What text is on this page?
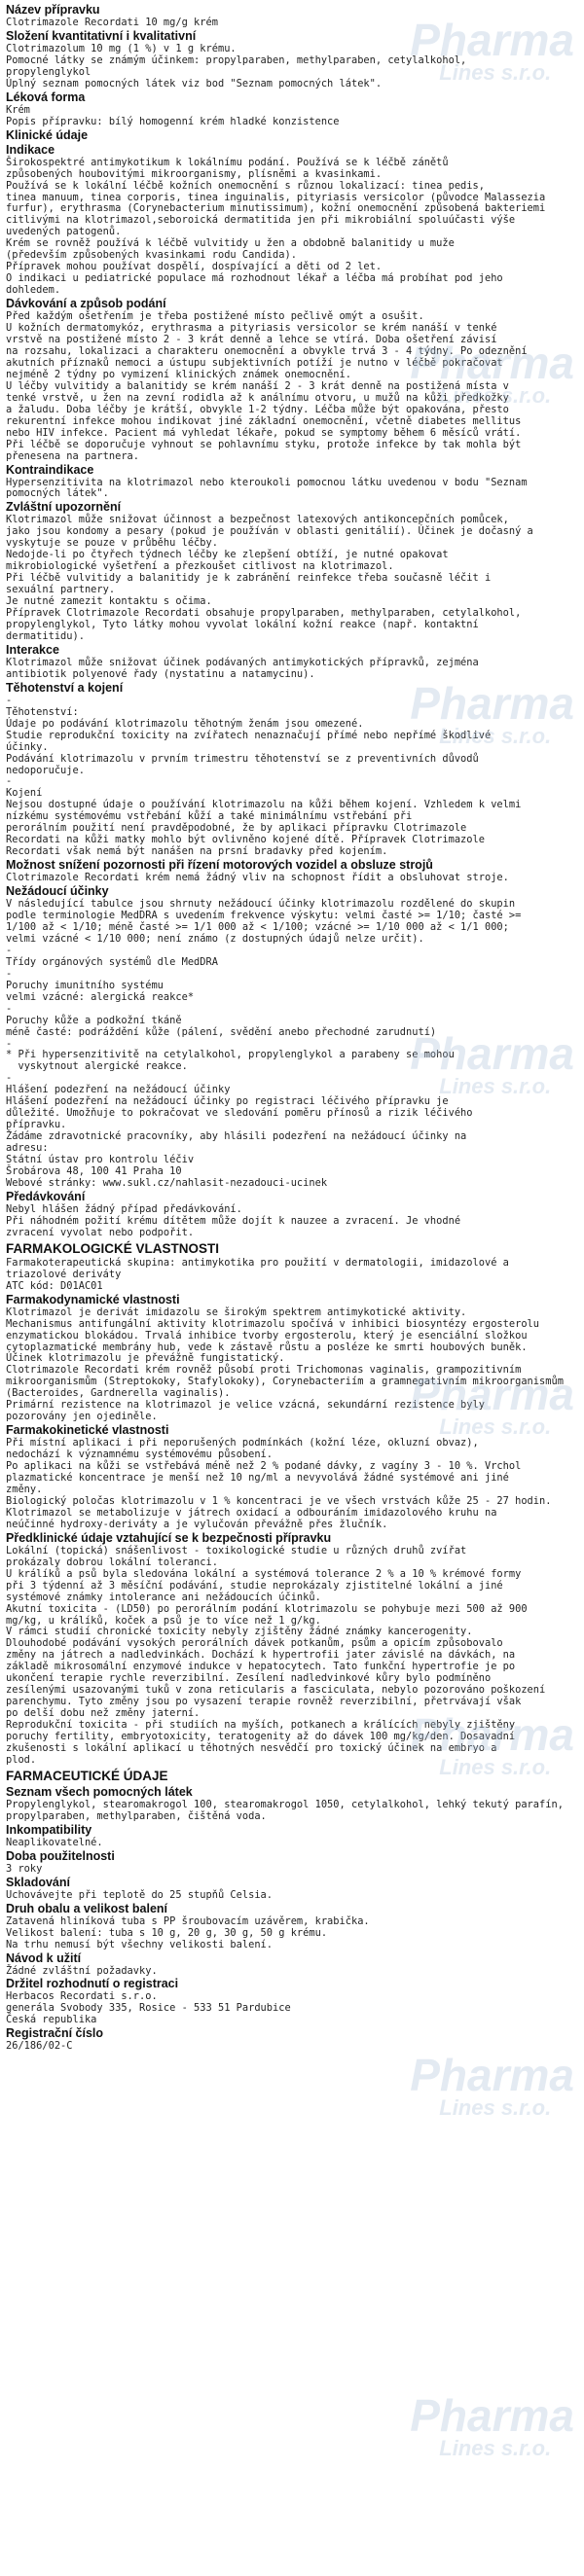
Název přípravku
Clotrimazole Recordati 10 mg/g krém
Složení kvantitativní i kvalitativní
Clotrimazolum 10 mg (1 %) v 1 g krému.
Pomocné látky se známým účinkem: propylparaben, methylparaben, cetylalkohol,
propylenglykol
Úplný seznam pomocných látek viz bod "Seznam pomocných látek".
Léková forma
Krém
Popis přípravku: bílý homogenní krém hladké konzistence
Klinické údaje
Indikace
Širokospektré antimykotikum k lokálnímu podání. Používá se k léčbě zánětů
způsobených houbovitými mikroorganismy, plísněmi a kvasinkami.
Používá se k lokální léčbě kožních onemocnění s různou lokalizací: tinea pedis,
tinea manuum, tinea corporis, tinea inguinalis, pityriasis versicolor (původce Malassezia
furfur), erythrasma (Corynebacterium minutissimum), kožní onemocnění způsobená bakteriemi
citlivými na klotrimazol,seboroická dermatitida jen při mikrobiální spoluúčasti výše
uvedených patogenů.
Krém se rovněž používá k léčbě vulvitidy u žen a obdobně balanitidy u muže
(především způsobených kvasinkami rodu Candida).
Přípravek mohou používat dospělí, dospívající a děti od 2 let.
O indikaci u pediatrické populace má rozhodnout lékař a léčba má probíhat pod jeho
dohledem.
Dávkování a způsob podání
Před každým ošetřením je třeba postižené místo pečlivě omýt a osušit.
U kožních dermatomykóz, erythrasma a pityriasis versicolor se krém nanáší v tenké
vrstvě na postižené místo 2 - 3 krát denně a lehce se vtírá. Doba ošetření závisí
na rozsahu, lokalizaci a charakteru onemocnění a obvykle trvá 3 - 4 týdny. Po odeznění
akutních příznaků nemoci a ústupu subjektivních potíží je nutno v léčbě pokračovat
nejméně 2 týdny po vymizení klinických známek onemocnění.
U léčby vulvitidy a balanitidy se krém nanáší 2 - 3 krát denně na postižená místa v
tenké vrstvě, u žen na zevní rodidla až k análnímu otvoru, u mužů na kůži předkožky
a žaludu. Doba léčby je krátší, obvykle 1-2 týdny. Léčba může být opakována, přesto
rekurentní infekce mohou indikovat jiné základní onemocnění, včetně diabetes mellitus
nebo HIV infekce. Pacient má vyhledat lékaře, pokud se symptomy během 6 měsíců vrátí.
Při léčbě se doporučuje vyhnout se pohlavnímu styku, protože infekce by tak mohla být
přenesena na partnera.
Kontraindikace
Hypersenzitivita na klotrimazol nebo kteroukoli pomocnou látku uvedenou v bodu "Seznam
pomocných látek".
Zvláštní upozornění
Klotrimazol může snižovat účinnost a bezpečnost latexových antikoncepčních pomůcek,
jako jsou kondomy a pesary (pokud je používán v oblasti genitálií). Účinek je dočasný a
vyskytuje se pouze v průběhu léčby.
Nedojde-li po čtyřech týdnech léčby ke zlepšení obtíží, je nutné opakovat
mikrobiologické vyšetření a přezkoušet citlivost na klotrimazol.
Při léčbě vulvitidy a balanitidy je k zabránění reinfekce třeba současně léčit i
sexuální partnery.
Je nutné zamezit kontaktu s očima.
Přípravek Clotrimazole Recordati obsahuje propylparaben, methylparaben, cetylalkohol,
propylenglykol, Tyto látky mohou vyvolat lokální kožní reakce (např. kontaktní
dermatitidu).
Interakce
Klotrimazol může snižovat účinek podávaných antimykotických přípravků, zejména
antibiotik polyenové řady (nystatinu a natamycinu).
Těhotenství a kojení
-
Těhotenství:
Údaje po podávání klotrimazolu těhotným ženám jsou omezené.
Studie reprodukční toxicity na zvířatech nenaznačují přímé nebo nepřímé škodlivé
účinky.
Podávání klotrimazolu v prvním trimestru těhotenství se z preventivních důvodů
nedoporučuje.
-
Kojení
Nejsou dostupné údaje o používání klotrimazolu na kůži během kojení. Vzhledem k velmi
nízkému systémovému vstřebání kůží a také minimálnímu vstřebání při
perorálním použití není pravděpodobné, že by aplikaci přípravku Clotrimazole
Recordati na kůži matky mohlo být ovlivněno kojené dítě. Přípravek Clotrimazole
Recordati však nemá být nanášen na prsní bradavky před kojením.
Možnost snížení pozornosti při řízení motorových vozidel a obsluze strojů
Clotrimazole Recordati krém nemá žádný vliv na schopnost řídit a obsluhovat stroje.
Nežádoucí účinky
V následující tabulce jsou shrnuty nežádoucí účinky klotrimazolu rozdělené do skupin
podle terminologie MedDRA s uvedením frekvence výskytu: velmi časté >= 1/10; časté >=
1/100 až < 1/10; méně časté >= 1/1 000 až < 1/100; vzácné >= 1/10 000 až < 1/1 000;
velmi vzácné < 1/10 000; není známo (z dostupných údajů nelze určit).
-
Třídy orgánových systémů dle MedDRA
-
Poruchy imunitního systému
velmi vzácné: alergická reakce*
-
Poruchy kůže a podkožní tkáně
méně časté: podráždění kůže (pálení, svědění anebo přechodné zarudnutí)
-
* Při hypersenzitivitě na cetylalkohol, propylenglykol a parabeny se mohou
vyskytnout alergické reakce.
-
Hlášení podezření na nežádoucí účinky
Hlášení podezření na nežádoucí účinky po registraci léčivého přípravku je
důležité. Umožňuje to pokračovat ve sledování poměru přínosů a rizik léčivého
přípravku.
Žádáme zdravotnické pracovníky, aby hlásili podezření na nežádoucí účinky na
adresu:
Státní ústav pro kontrolu léčiv
Šrobárova 48, 100 41 Praha 10
Webové stránky: www.sukl.cz/nahlasit-nezadouci-ucinek
Předávkování
Nebyl hlášen žádný případ předávkování.
Při náhodném požití krému dítětem může dojít k nauzee a zvracení. Je vhodné
zvracení vyvolat nebo podpořit.
FARMAKOLOGICKÉ VLASTNOSTI
Farmakoterapeutická skupina: antimykotika pro použití v dermatologii, imidazolové a
triazolové deriváty
ATC kód: D01AC01
Farmakodynamické vlastnosti
Klotrimazol je derivát imidazolu se širokým spektrem antimykotické aktivity.
Mechanismus antifungální aktivity klotrimazolu spočívá v inhibici biosyntézy ergosterolu
enzymatickou blokádou. Trvalá inhibice tvorby ergosterolu, který je esenciální složkou
cytoplazmatické membrány hub, vede k zástavě růstu a posléze ke smrti houbových buněk.
Účinek klotrimazolu je převážně fungistatický.
Clotrimazole Recordati krém rovněž působí proti Trichomonas vaginalis, grampozitivním
mikroorganismům (Streptokoky, Stafylokoky), Corynebacteriím a gramnegativním mikroorganismům
(Bacteroides, Gardnerella vaginalis).
Primární rezistence na klotrimazol je velice vzácná, sekundární rezistence byly
pozorovány jen ojediněle.
Farmakokinetické vlastnosti
Při místní aplikaci i při neporušených podmínkách (kožní léze, okluzní obvaz),
nedochází k významnému systémovému působení.
Po aplikaci na kůži se vstřebává méně než 2 % podané dávky, z vagíny 3 - 10 %. Vrchol
plazmatické koncentrace je menší než 10 ng/ml a nevyvolává žádné systémové ani jiné
změny.
Biologický poločas klotrimazolu v 1 % koncentraci je ve všech vrstvách kůže 25 - 27 hodin.
Klotrimazol se metabolizuje v játrech oxidací a odbouráním imidazolového kruhu na
neúčinné hydroxy-deriváty a je vylučován převážně přes žlučník.
Předklinické údaje vztahující se k bezpečnosti přípravku
Lokální (topická) snášenlivost - toxikologické studie u různých druhů zvířat
prokázaly dobrou lokální toleranci.
U králíků a psů byla sledována lokální a systémová tolerance 2 % a 10 % krémové formy
při 3 týdenní až 3 měsíční podávání, studie neprokázaly zjistitelné lokální a jiné
systémové známky intolerance ani nežádoucích účinků.
Akutní toxicita - (LD50) po perorálním podání klotrimazolu se pohybuje mezi 500 až 900
mg/kg, u králíků, koček a psů je to více než 1 g/kg.
V rámci studií chronické toxicity nebyly zjištěny žádné známky kancerogenity.
Dlouhodobé podávání vysokých perorálních dávek potkanům, psům a opicím způsobovalo
změny na játrech a nadledvinkách. Dochází k hypertrofii jater závislé na dávkách, na
základě mikrosomální enzymové indukce v hepatocytech. Tato funkční hypertrofie je po
ukončení terapie rychle reverzibilní. Zesílení nadledvinkové kůry bylo podmíněno
zesílenými usazovanými tuků v zona reticularis a fasciculata, nebylo pozorováno poškození
parenchymu. Tyto změny jsou po vysazení terapie rovněž reverzibilní, přetrvávají však
po delší dobu než změny jaterní.
Reprodukční toxicita - při studiích na myších, potkanech a králících nebyly zjištěny
poruchy fertility, embryotoxicity, teratogenity až do dávek 100 mg/kg/den. Dosavadní
zkušenosti s lokální aplikací u těhotných nesvědčí pro toxický účinek na embryo a
plod.
FARMACEUTICKÉ ÚDAJE
Seznam všech pomocných látek
Propylenglykol, stearomakrogol 100, stearomakrogol 1050, cetylalkohol, lehký tekutý parafín,
propylparaben, methylparaben, čištěná voda.
Inkompatibility
Neaplikovatelné.
Doba použitelnosti
3 roky
Skladování
Uchovávejte při teplotě do 25 stupňů Celsia.
Druh obalu a velikost balení
Zatavená hliníková tuba s PP šroubovacím uzávěrem, krabička.
Velikost balení: tuba s 10 g, 20 g, 30 g, 50 g krému.
Na trhu nemusí být všechny velikosti balení.
Návod k užití
Žádné zvláštní požadavky.
Držitel rozhodnutí o registraci
Herbacos Recordati s.r.o.
generála Svobody 335, Rosice - 533 51 Pardubice
Česká republika
Registrační číslo
26/186/02-C
Pharma
Lines s.r.o.
Pharma
Lines s.r.o.
Pharma
Lines s.r.o.
Pharma
Lines s.r.o.
Pharma
Lines s.r.o.
Pharma
Lines s.r.o.
Pharma
Lines s.r.o.
Pharma
Lines s.r.o.
